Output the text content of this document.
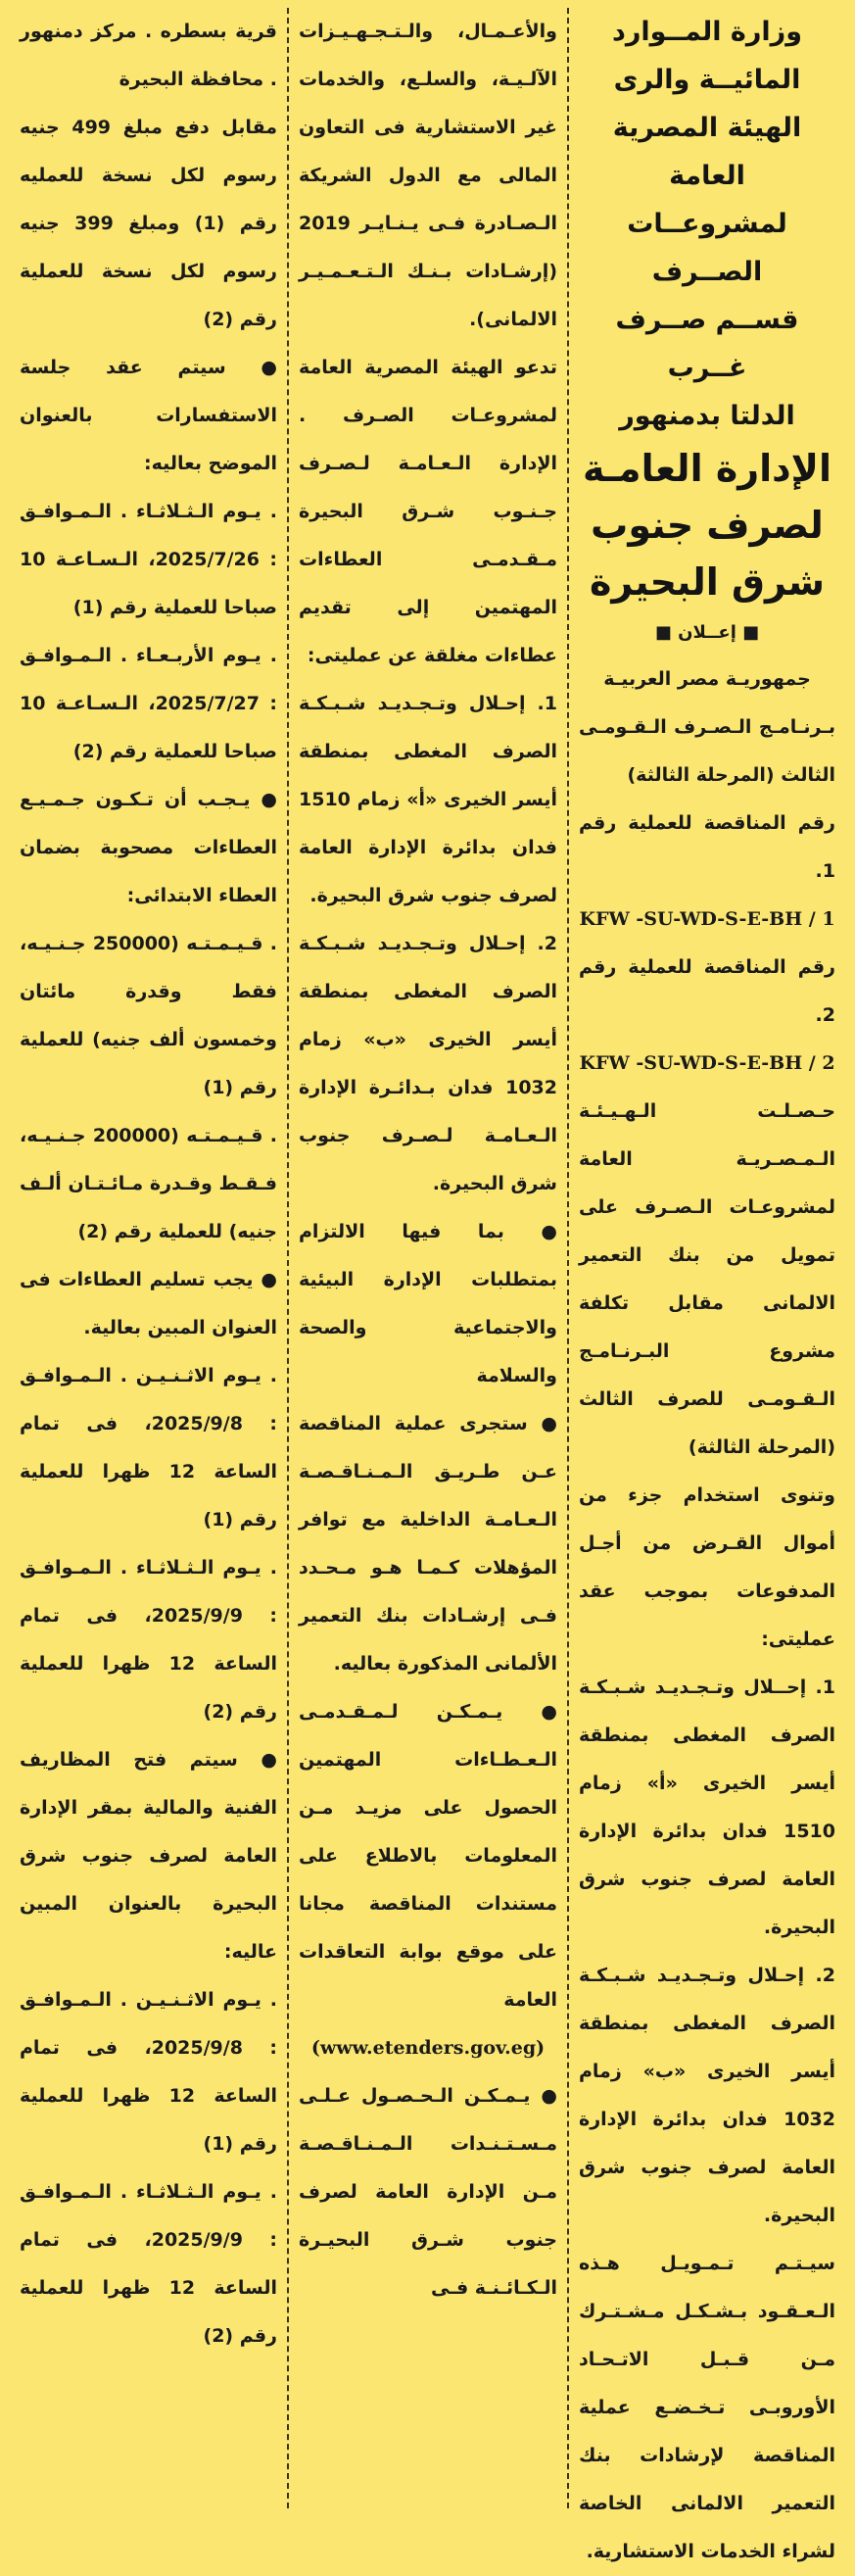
وزارة المــوارد
المائيــة والرى
الهيئة المصرية العامة
لمشروعــات الصــرف
قســم صــرف غــرب
الدلتا بدمنهور
الإدارة العامـة
لصرف جنوب
شرق البحيرة
■ إعــلان ■

جمهوريـة مصر العربيـة

بـرنـامـج الـصـرف الـقـومـى الثالث (المرحلة الثالثة)

رقم المناقصة للعملية رقم 1.

KFW -SU-WD-S-E-BH / 1

رقم المناقصة للعملية رقم 2.

KFW -SU-WD-S-E-BH / 2

حـصـلـت الـهـيـئـة الـمـصـريـة العامة لمشروعـات الـصـرف على تمويل من بنك التعمير الالمانى مقابل تكلفة مشروع البـرنـامـج الـقـومـى للصرف الثالث (المرحلة الثالثة)

وتنوى استخدام جزء من أموال القـرض من أجـل المدفوعات بموجب عقد عمليتى:

1. إحــلال وتـجـديـد شـبـكـة الصرف المغطى بمنطقة أيسر الخيرى «أ» زمام 1510 فدان بدائرة الإدارة العامة لصرف جنوب شرق البحيرة.

2. إحـلال وتـجـديـد شـبـكـة الصرف المغطى بمنطقة أيسر الخيرى «ب» زمام 1032 فدان بدائرة الإدارة العامة لصرف جنوب شرق البحيرة.

سيـتـم تـمـويـل هـذه الـعـقـود بـشـكـل مـشـتـرك مـن قـبـل الاتـحـاد الأوروبـى تـخـضـع عملية المناقصة لإرشادات بنك التعمير الالمانى الخاصة لشراء الخدمات الاستشارية.

والأعـمـال، والـتـجـهـيـزات الآلـيـة، والسلـع، والخدمات غير الاستشارية فى التعاون المالى مع الدول الشريكة الـصـادرة فـى يـنـايـر 2019 (إرشـادات بـنـك الـتـعـمـيـر الالمانى).

تدعو الهيئة المصرية العامة لمشروعـات الصـرف . الإدارة الـعـامـة لـصـرف جـنـوب شـرق البحيرة مـقـدمـى العطاءات المهتمين إلى تقديم عطاءات مغلقة عن عمليتى:

1. إحـلال وتـجـديـد شـبـكـة الصرف المغطى بمنطقة أيسر الخيرى «أ» زمام 1510 فدان بدائرة الإدارة العامة لصرف جنوب شرق البحيرة.

2. إحـلال وتـجـديـد شـبـكـة الصرف المغطى بمنطقة أيسر الخيرى «ب» زمام 1032 فدان بـدائـرة الإدارة الـعـامـة لـصـرف جنوب شرق البحيرة.

● بما فيها الالتزام بمتطلبات الإدارة البيئية والاجتماعية والصحة والسلامة

● ستجرى عملية المناقصة عـن طـريـق الـمـنـاقـصـة الـعـامـة الداخلية مع توافر المؤهلات كـمـا هـو مـحـدد فـى إرشـادات بنك التعمير الألمانى المذكورة بعاليه.

● يـمـكـن لـمـقـدمـى الـعـطـاءات المهتمين الحصول على مزيـد مـن المعلومات بالاطلاع على مستندات المناقصة مجانا على موقع بوابة التعاقدات العامة

(www.etenders.gov.eg)

● يـمـكـن الـحـصـول عـلـى مـسـتـنـدات الـمـنـاقـصـة مـن الإدارة العامة لصرف جنوب شـرق البحيـرة الـكـائـنـة فـى

قرية بسطره . مركز دمنهور . محافظة البحيرة

مقابل دفع مبلغ 499 جنيه رسوم لكل نسخة للعمليه رقم (1) ومبلغ 399 جنيه رسوم لكل نسخة للعملية رقم (2)

● سيتم عقد جلسة الاستفسارات بالعنوان الموضح بعاليه:

. يـوم الـثـلاثـاء . الـمـوافـق : 2025/7/26، الـسـاعـة 10 صباحا للعملية رقم (1)

. يـوم الأربـعـاء . الـمـوافـق : 2025/7/27، الـسـاعـة 10 صباحا للعملية رقم (2)

● يـجـب أن تـكـون جـمـيـع العطاءات مصحوبة بضمان العطاء الابتدائى:

. قـيـمـتـه (250000 جـنـيـه، فقط وقدرة مائتان وخمسون ألف جنيه) للعملية رقم (1)

. قـيـمـتـه (200000 جـنـيـه، فـقـط وقـدرة مـائـتـان ألـف جنيه) للعملية رقم (2)

● يجب تسليم العطاءات فى العنوان المبين بعالية.

. يـوم الاثـنـيـن . الـمـوافـق : 2025/9/8، فى تمام الساعة 12 ظهرا للعملية رقم (1)

. يـوم الـثـلاثـاء . الـمـوافـق : 2025/9/9، فى تمام الساعة 12 ظهرا للعملية رقم (2)

● سيتم فتح المظاريف الفنية والمالية بمقر الإدارة العامة لصرف جنوب شرق البحيرة بالعنوان المبين عاليه:

. يـوم الاثـنـيـن . الـمـوافـق : 2025/9/8، فى تمام الساعة 12 ظهرا للعملية رقم (1)

. يـوم الـثـلاثـاء . الـمـوافـق : 2025/9/9، فى تمام الساعة 12 ظهرا للعملية رقم (2)
